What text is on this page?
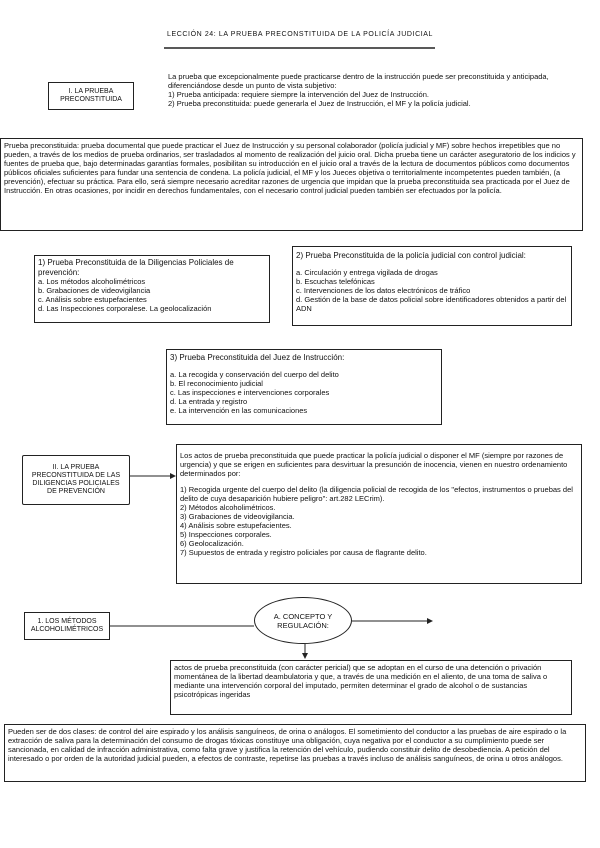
LECCIÓN 24: LA PRUEBA PRECONSTITUIDA DE LA POLICÍA JUDICIAL
I. LA PRUEBA PRECONSTITUIDA
La prueba que excepcionalmente puede practicarse dentro de la instrucción puede ser preconstituida y anticipada, diferenciándose desde un punto de vista subjetivo:
1) Prueba anticipada: requiere siempre la intervención del Juez de Instrucción.
2) Prueba preconstituida: puede generarla el Juez de Instrucción, el MF y la policía judicial.
Prueba preconstituida: prueba documental que puede practicar el Juez de Instrucción y su personal colaborador (policía judicial y MF) sobre hechos irrepetibles que no pueden, a través de los medios de prueba ordinarios, ser trasladados al momento de realización del juicio oral. Dicha prueba tiene un carácter aseguratorio de los indicios y fuentes de prueba que, bajo determinadas garantías formales, posibilitan su introducción en el juicio oral a través de la lectura de documentos públicos como documentos públicos oficiales suficientes para fundar una sentencia de condena. La policía judicial, el MF y los Jueces objetiva o territorialmente incompetentes pueden también, (a prevención), efectuar su práctica. Para ello, será siempre necesario acreditar razones de urgencia que impidan que la prueba preconstituida sea practicada por el Juez de Instrucción. En otras ocasiones, por incidir en derechos fundamentales, con el necesario control judicial pueden también ser efectuados por la policía.
1) Prueba Preconstituida de la Diligencias Policiales de prevención:
a. Los métodos alcoholimétricos
b. Grabaciones de videovigilancia
c. Análisis sobre estupefacientes
d. Las Inspecciones corporalese. La geolocalización
2) Prueba Preconstituida de la policía judicial con control judicial:
a. Circulación y entrega vigilada de drogas
b. Escuchas telefónicas
c. Intervenciones de los datos electrónicos de tráfico
d. Gestión de la base de datos policial sobre identificadores obtenidos a partir del ADN
3) Prueba Preconstituida del Juez de Instrucción:
a. La recogida y conservación del cuerpo del delito
b. El reconocimiento judicial
c. Las inspecciones e intervenciones corporales
d. La entrada y registro
e. La intervención en las comunicaciones
II. LA PRUEBA PRECONSTITUIDA DE LAS DILIGENCIAS POLICIALES DE PREVENCIÓN
Los actos de prueba preconstituida que puede practicar la policía judicial o disponer el MF (siempre por razones de urgencia) y que se erigen en suficientes para desvirtuar la presunción de inocencia, vienen en nuestro ordenamiento determinados por:
1) Recogida urgente del cuerpo del delito (la diligencia policial de recogida de los "efectos, instrumentos o pruebas del delito de cuya desaparición hubiere peligro": art.282 LECrim).
2) Métodos alcoholimétricos.
3) Grabaciones de videovigilancia.
4) Análisis sobre estupefacientes.
5) Inspecciones corporales.
6) Geolocalización.
7) Supuestos de entrada y registro policiales por causa de flagrante delito.
1. LOS MÉTODOS ALCOHOLIMÉTRICOS
A. CONCEPTO Y REGULACIÓN:
actos de prueba preconstituida (con carácter pericial) que se adoptan en el curso de una detención o privación momentánea de la libertad deambulatoria y que, a través de una medición en el aliento, de una toma de saliva o mediante una intervención corporal del imputado, permiten determinar el grado de alcohol o de sustancias psicotrópicas ingeridas
Pueden ser de dos clases: de control del aire espirado y los análisis sanguíneos, de orina o análogos. El sometimiento del conductor a las pruebas de aire espirado o la extracción de saliva para la determinación del consumo de drogas tóxicas constituye una obligación, cuya negativa por el conductor a su cumplimiento puede ser sancionada, en calidad de infracción administrativa, como falta grave y justifica la retención del vehículo, pudiendo constituir delito de desobediencia. A petición del interesado o por orden de la autoridad judicial pueden, a efectos de contraste, repetirse las pruebas a través incluso de análisis sanguíneos, de orina u otros análogos.
